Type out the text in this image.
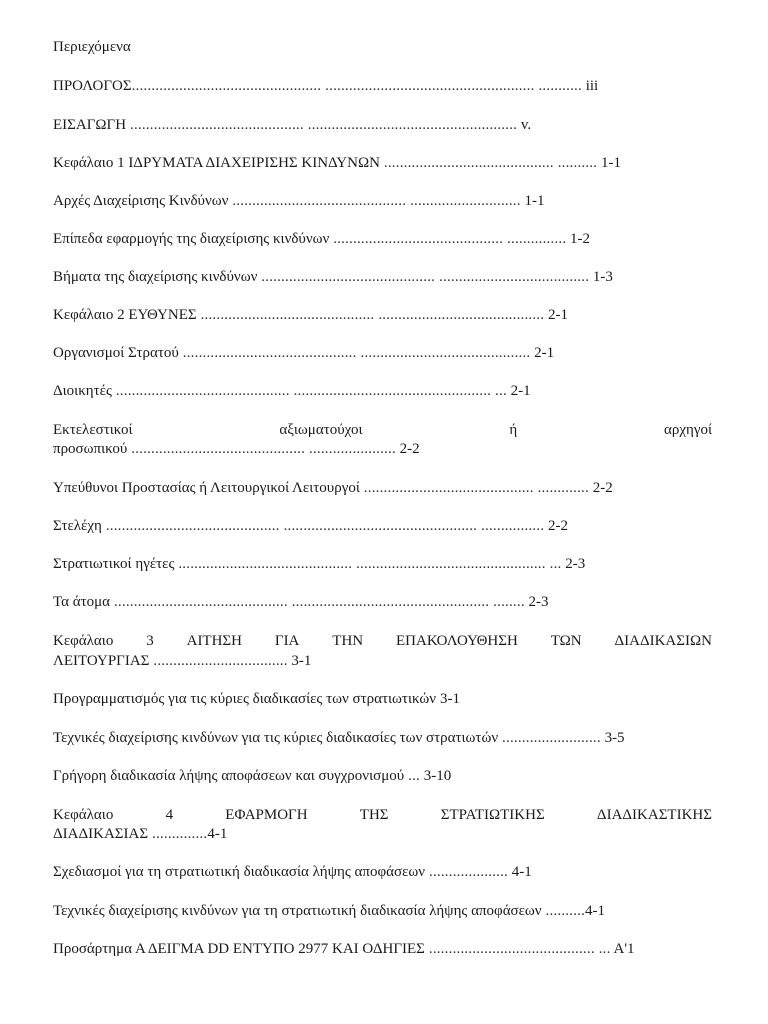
Περιεχόμενα
ΠΡΟΛΟΓΟΣ................................................ ..................................................... ........... iii
ΕΙΣΑΓΩΓΗ ............................................ ..................................................... v.
Κεφάλαιο 1 ΙΔΡΥΜΑΤΑ ΔΙΑΧΕΙΡΙΣΗΣ ΚΙΝΔΥΝΩΝ ........................................... .......... 1-1
Αρχές Διαχείρισης Κινδύνων ............................................ ............................ 1-1
Επίπεδα εφαρμογής της διαχείρισης κινδύνων ........................................... ............... 1-2
Βήματα της διαχείρισης κινδύνων ............................................ ...................................... 1-3
Κεφάλαιο 2 ΕΥΘΥΝΕΣ ............................................ .......................................... 2-1
Οργανισμοί Στρατού ............................................ ........................................... 2-1
Διοικητές ............................................ .................................................. ... 2-1
Εκτελεστικοί	αξιωματούχοι	ή	αρχηγοί
προσωπικού ............................................ ...................... 2-2
Υπεύθυνοι Προστασίας ή Λειτουργικοί Λειτουργοί ........................................... ............. 2-2
Στελέχη ............................................ ................................................. ................ 2-2
Στρατιωτικοί ηγέτες ............................................ ................................................ ... 2-3
Τα άτομα ............................................ .................................................. ........ 2-3
Κεφάλαιο 3 ΑΙΤΗΣΗ ΓΙΑ ΤΗΝ ΕΠΑΚΟΛΟΥΘΗΣΗ ΤΩΝ ΔΙΑΔΙΚΑΣΙΩΝ
ΛΕΙΤΟΥΡΓΙΑΣ .................................. 3-1
Προγραμματισμός για τις κύριες διαδικασίες των στρατιωτικών 3-1
Τεχνικές διαχείρισης κινδύνων για τις κύριες διαδικασίες των στρατιωτών ......................... 3-5
Γρήγορη διαδικασία λήψης αποφάσεων και συγχρονισμού ... 3-10
Κεφάλαιο	4	ΕΦΑΡΜΟΓΗ	ΤΗΣ	ΣΤΡΑΤΙΩΤΙΚΗΣ	ΔΙΑΔΙΚΑΣΤΙΚΗΣ
ΔΙΑΔΙΚΑΣΙΑΣ ..............4-1
Σχεδιασμοί για τη στρατιωτική διαδικασία λήψης αποφάσεων .................... 4-1
Τεχνικές διαχείρισης κινδύνων για τη στρατιωτική διαδικασία λήψης αποφάσεων ..........4-1
Προσάρτημα Α ΔΕΙΓΜΑ DD ΕΝΤΥΠΟ 2977 ΚΑΙ ΟΔΗΓΙΕΣ .......................................... ... Α'1
